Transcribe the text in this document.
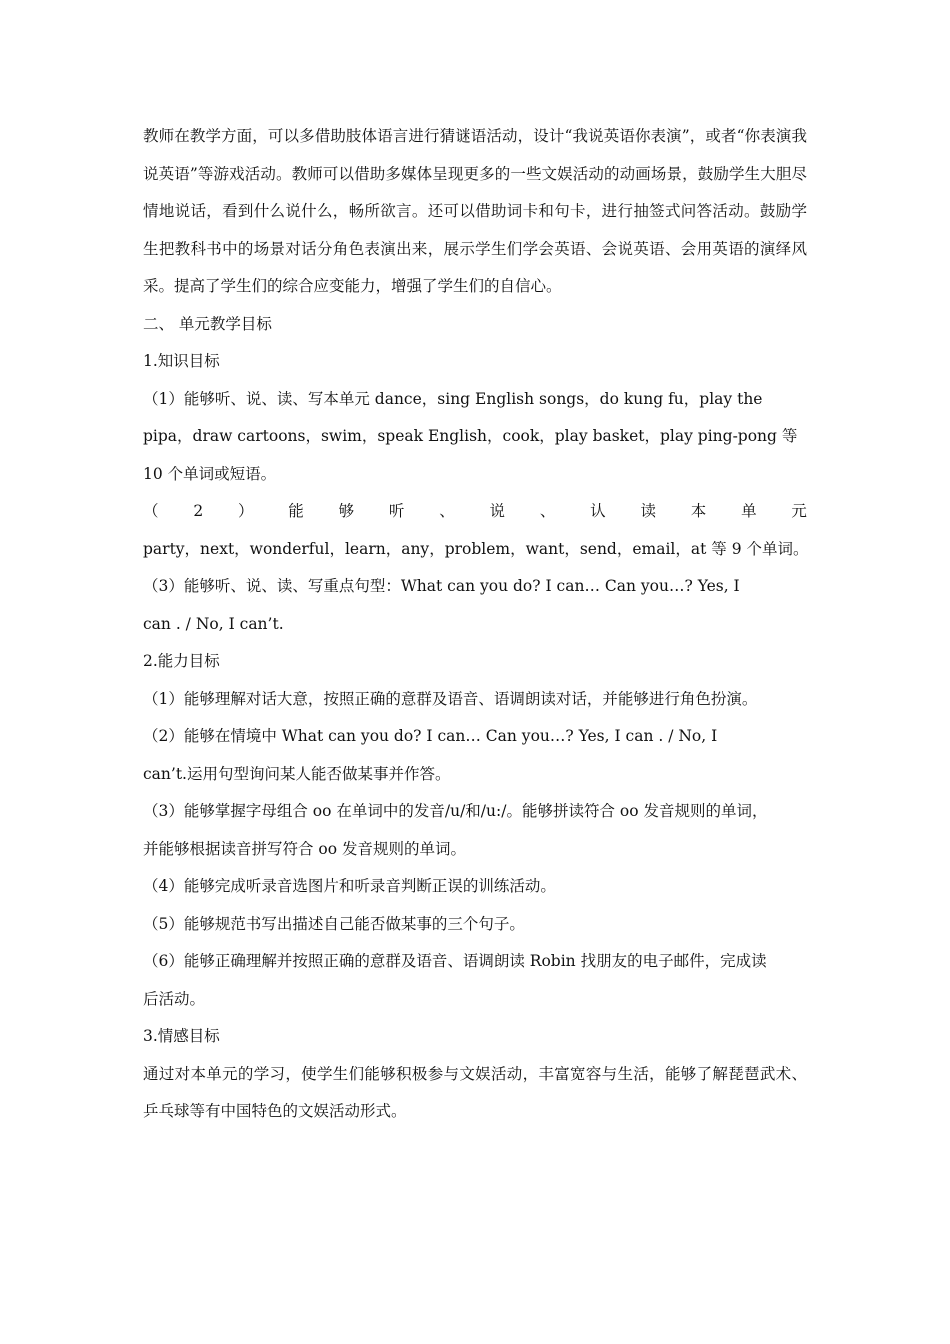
教师在教学方面，可以多借助肢体语言进行猜谜语活动，设计“我说英语你表演”，或者“你表演我说英语”等游戏活动。教师可以借助多媒体呈现更多的一些文娱活动的动画场景，鼓励学生大胆尽情地说话，看到什么说什么，畅所欲言。还可以借助词卡和句卡，进行抽签式问答活动。鼓励学生把教科书中的场景对话分角色表演出来，展示学生们学会英语、会说英语、会用英语的演绎风采。提高了学生们的综合应变能力，增强了学生们的自信心。

二、 单元教学目标

1.知识目标

（1）能够听、说、读、写本单元 dance，sing English songs，do kung fu，play the

pipa，draw cartoons，swim，speak English，cook，play basket，play ping-pong 等

10 个单词或短语。

（ 2 ） 能 够 听 、 说 、 认 读 本 单 元

party，next，wonderful，learn，any，problem，want，send，email，at 等 9 个单词。

（3）能够听、说、读、写重点句型：What can you do? I can… Can you…? Yes, I

can . / No, I can’t.

2.能力目标

（1）能够理解对话大意，按照正确的意群及语音、语调朗读对话，并能够进行角色扮演。

（2）能够在情境中 What can you do? I can… Can you…? Yes, I can . / No, I

can’t.运用句型询问某人能否做某事并作答。

（3）能够掌握字母组合 oo 在单词中的发音/u/和/u:/。能够拼读符合 oo 发音规则的单词，

并能够根据读音拼写符合 oo 发音规则的单词。

（4）能够完成听录音选图片和听录音判断正误的训练活动。

（5）能够规范书写出描述自己能否做某事的三个句子。

（6）能够正确理解并按照正确的意群及语音、语调朗读 Robin 找朋友的电子邮件，完成读

后活动。

3.情感目标

通过对本单元的学习，使学生们能够积极参与文娱活动，丰富宽容与生活，能够了解琵琶武术、乒乓球等有中国特色的文娱活动形式。
